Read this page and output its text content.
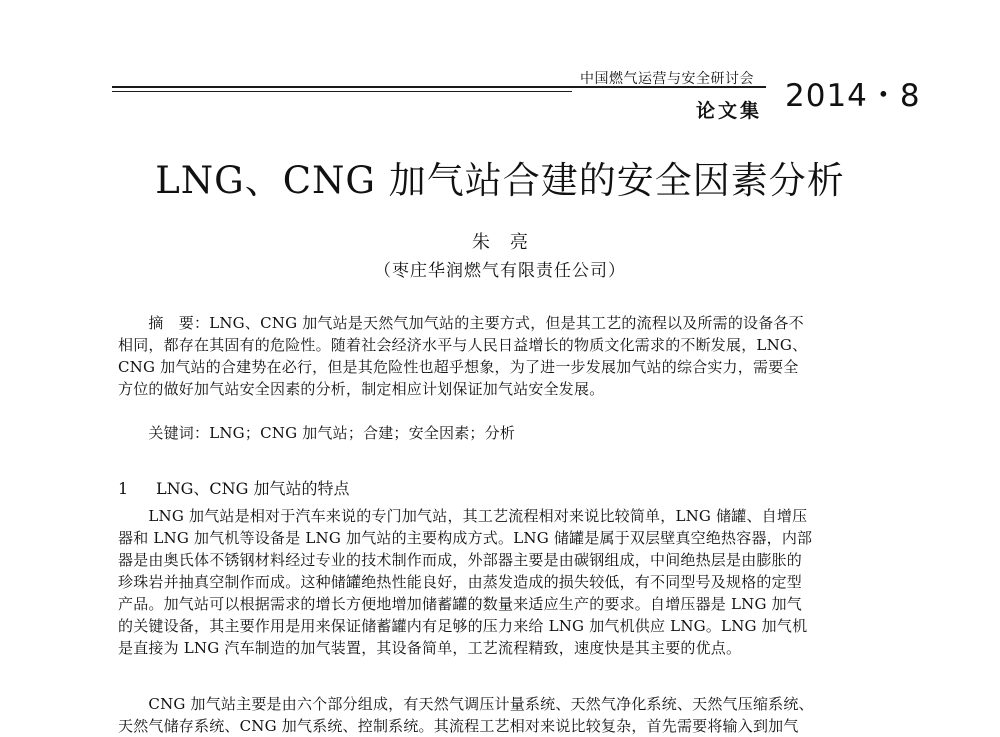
中国燃气运营与安全研讨会
论文集 2014・8
LNG、CNG 加气站合建的安全因素分析
朱亮
（枣庄华润燃气有限责任公司）
　　摘　要：LNG、CNG 加气站是天然气加气站的主要方式，但是其工艺的流程以及所需的设备各不
相同，都存在其固有的危险性。随着社会经济水平与人民日益增长的物质文化需求的不断发展，LNG、
CNG 加气站的合建势在必行，但是其危险性也超乎想象，为了进一步发展加气站的综合实力，需要全
方位的做好加气站安全因素的分析，制定相应计划保证加气站安全发展。
　　关键词：LNG；CNG 加气站；合建；安全因素；分析
1 LNG、CNG 加气站的特点
　　LNG 加气站是相对于汽车来说的专门加气站，其工艺流程相对来说比较简单，LNG 储罐、自增压
器和 LNG 加气机等设备是 LNG 加气站的主要构成方式。LNG 储罐是属于双层壁真空绝热容器，内部
器是由奥氏体不锈钢材料经过专业的技术制作而成，外部器主要是由碳钢组成，中间绝热层是由膨胀的
珍珠岩并抽真空制作而成。这种储罐绝热性能良好，由蒸发造成的损失较低，有不同型号及规格的定型
产品。加气站可以根据需求的增长方便地增加储蓄罐的数量来适应生产的要求。自增压器是 LNG 加气
的关键设备，其主要作用是用来保证储蓄罐内有足够的压力来给 LNG 加气机供应 LNG。LNG 加气机
是直接为 LNG 汽车制造的加气装置，其设备简单，工艺流程精致，速度快是其主要的优点。
　　CNG 加气站主要是由六个部分组成，有天然气调压计量系统、天然气净化系统、天然气压缩系统、
天然气储存系统、CNG 加气系统、控制系统。其流程工艺相对来说比较复杂，首先需要将输入到加气
